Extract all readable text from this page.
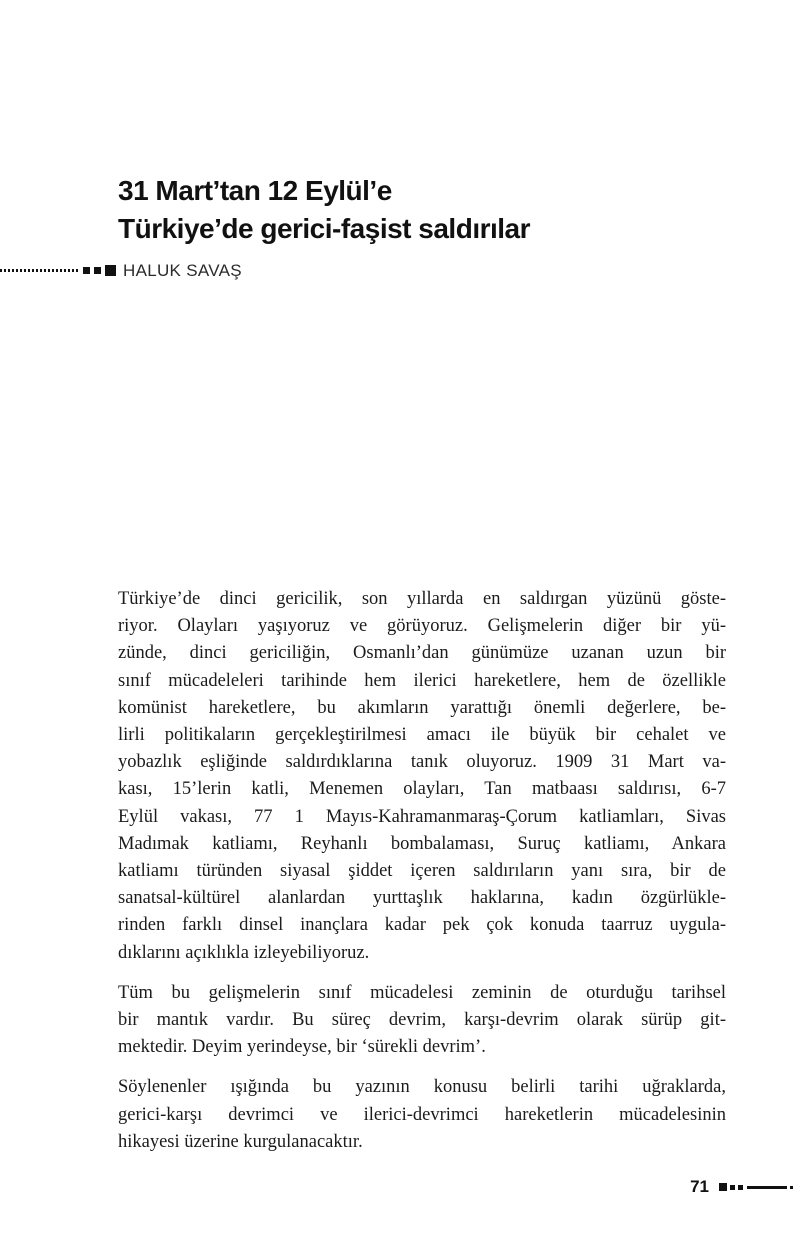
31 Mart’tan 12 Eylül’e
Türkiye’de gerici-faşist saldırılar
HALUK SAVAŞ
Türkiye’de dinci gericilik, son yıllarda en saldırgan yüzünü göste-
riyor. Olayları yaşıyoruz ve görüyoruz. Gelişmelerin diğer bir yü-
zünde, dinci gericiliğin, Osmanlı’dan günümüze uzanan uzun bir
sınıf mücadeleleri tarihinde hem ilerici hareketlere, hem de özellikle
komünist hareketlere, bu akımların yarattığı önemli değerlere, be-
lirli politikaların gerçekleştirilmesi amacı ile büyük bir cehalet ve
yobazlık eşliğinde saldırdıklarına tanık oluyoruz. 1909 31 Mart va-
kası, 15’lerin katli, Menemen olayları, Tan matbaası saldırısı, 6-7
Eylül vakası, 77 1 Mayıs-Kahramanmaraş-Çorum katliamları, Sivas
Madımak katliamı, Reyhanlı bombalaması, Suruç katliamı, Ankara
katliamı türünden siyasal şiddet içeren saldırıların yanı sıra, bir de
sanatsal-kültürel alanlardan yurttaşlık haklarına, kadın özgürlükle-
rinden farklı dinsel inançlara kadar pek çok konuda taarruz uygula-
dıklarını açıklıkla izleyebiliyoruz.
Tüm bu gelişmelerin sınıf mücadelesi zeminin de oturduğu tarihsel
bir mantık vardır. Bu süreç devrim, karşı-devrim olarak sürüp git-
mektedir. Deyim yerindeyse, bir ‘sürekli devrim’.
Söylenenler ışığında bu yazının konusu belirli tarihi uğraklarda,
gerici-karşı devrimci ve ilerici-devrimci hareketlerin mücadelesinin
hikayesi üzerine kurgulanacaktır.
71
